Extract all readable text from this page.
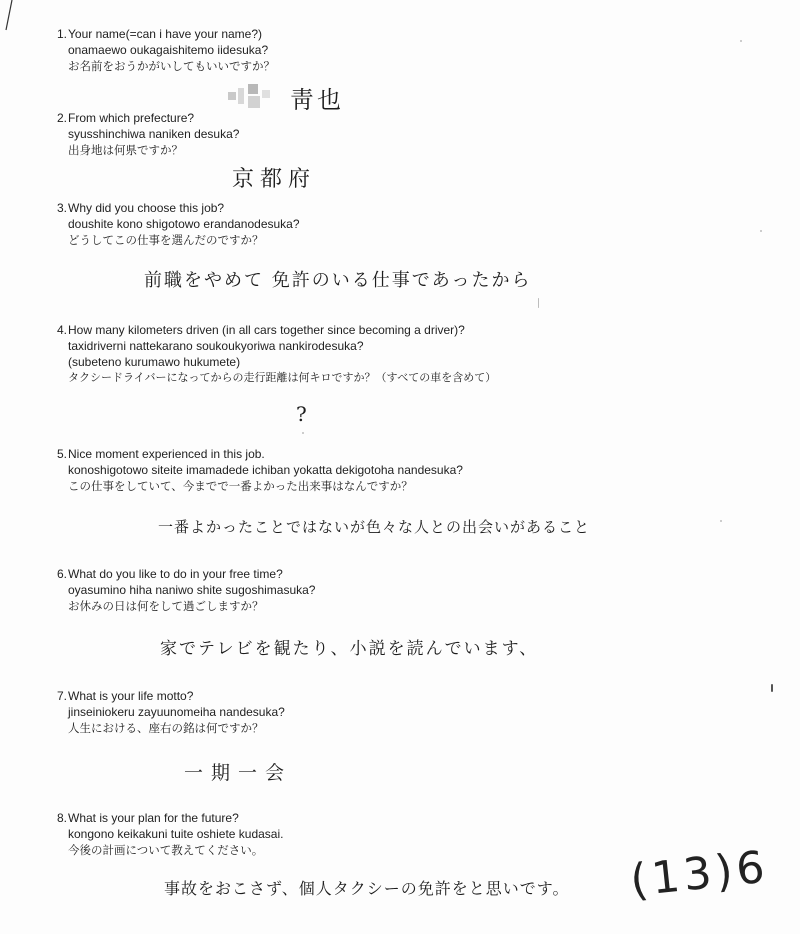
1.Your name(=can i have your name?)
onamaewo oukagaishitemo iidesuka?
お名前をおうかがいしてもいいですか？
靑也
2.From which prefecture?
syusshinchiwa naniken desuka?
出身地は何県ですか？
京都府
3.Why did you choose this job?
doushite kono shigotowo erandanodesuka?
どうしてこの仕事を選んだのですか？
前職をやめて 免許のいる仕事であったから
4.How many kilometers driven (in all cars together since becoming a driver)?
taxidriverni nattekarano soukoukyoriwa nankirodesuka?
(subeteno kurumawo hukumete)
タクシードライバーになってからの走行距離は何キロですか？（すべての車を含めて）
?
5.Nice moment experienced in this job.
konoshigotowo siteite imamadede ichiban yokatta dekigotoha nandesuka?
この仕事をしていて、今までで一番よかった出来事はなんですか？
一番よかったことではないが色々な人との出会いがあること
6.What do you like to do in your free time?
oyasumino hiha naniwo shite sugoshimasuka?
お休みの日は何をして過ごしますか？
家でテレビを観たり、小説を読んでいます、
7.What is your life motto?
jinseiniokeru zayuunomeiha nandesuka?
人生における、座右の銘は何ですか？
一期一会
8.What is your plan for the future?
kongono keikakuni tuite oshiete kudasai.
今後の計画について教えてください。
事故をおこさず、個人タクシーの免許をと思いです。 (13)6
